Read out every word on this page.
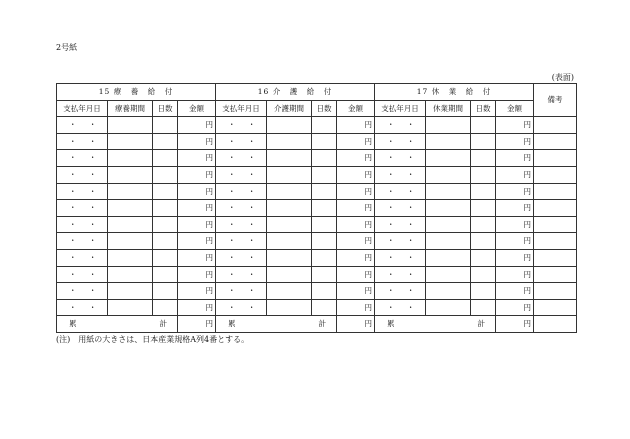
2号紙
(表面)
15 療　養　給　付				16 介　護　給　付				17 休　業　給　付				備考
支払年月日	療養期間	日数	金額	支払年月日	介護期間	日数	金額	支払年月日	休業期間	日数	金額	
・ ・			円	・ ・			円	・ ・			円	
・ ・			円	・ ・			円	・ ・			円	
・ ・			円	・ ・			円	・ ・			円	
・ ・			円	・ ・			円	・ ・			円	
・ ・			円	・ ・			円	・ ・			円	
・ ・			円	・ ・			円	・ ・			円	
・ ・			円	・ ・			円	・ ・			円	
・ ・			円	・ ・			円	・ ・			円	
・ ・			円	・ ・			円	・ ・			円	
・ ・			円	・ ・			円	・ ・			円	
・ ・			円	・ ・			円	・ ・			円	
・ ・			円	・ ・			円	・ ・			円	

累 計			円	累 計			円	累 計			円	
(注)　用紙の大きさは、日本産業規格A列4番とする。
